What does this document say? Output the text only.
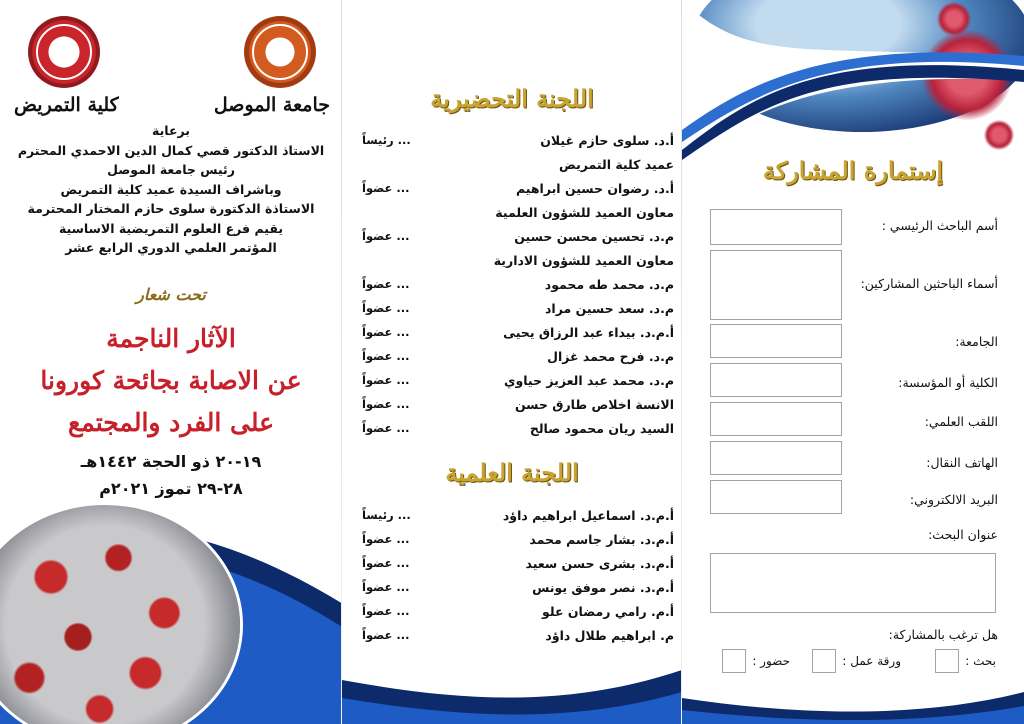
جامعة الموصل
كلية التمريض
برعاية
الاستاذ الدكتور قصي كمال الدين الاحمدي المحترم
رئيس جامعة الموصل
وباشراف السيدة عميد كلية التمريض
الاستاذة الدكتورة سلوى حازم المختار المحترمة
يقيم فرع العلوم التمريضية الاساسية
المؤتمر العلمي الدوري الرابع عشر
تحت شعار
الآثار الناجمة
عن الاصابة بجائحة كورونا
على الفرد والمجتمع
١٩-٢٠ ذو الحجة ١٤٤٢هـ
٢٨-٢٩ تموز ٢٠٢١م
اللجنة التحضيرية
أ.د. سلوى حازم غيلان
... رئيساً
عميد كلية التمريض
أ.د. رضوان حسين ابراهيم
... عضواً
معاون العميد للشؤون العلمية
م.د. تحسين محسن حسين
... عضواً
معاون العميد للشؤون الادارية
م.د. محمد طه محمود
... عضواً
م.د. سعد حسين مراد
... عضواً
أ.م.د. بيداء عبد الرزاق يحيى
... عضواً
م.د. فرح محمد غزال
... عضواً
م.د. محمد عبد العزيز حياوي
... عضواً
الانسة اخلاص طارق حسن
... عضواً
السيد ريان محمود صالح
... عضواً
اللجنة العلمية
أ.م.د. اسماعيل ابراهيم داؤد
... رئيساً
أ.م.د. بشار جاسم محمد
... عضواً
أ.م.د. بشرى حسن سعيد
... عضواً
أ.م.د. نصر موفق يونس
... عضواً
أ.م. رامي رمضان علو
... عضواً
م. ابراهيم طلال داؤد
... عضواً
إستمارة المشاركة
أسم الباحث الرئيسي :
أسماء الباحثين المشاركين:
الجامعة:
الكلية أو المؤسسة:
اللقب العلمي:
الهاتف النقال:
البريد الالكتروني:
عنوان البحث:
هل ترغب بالمشاركة:
بحث :
ورقة عمل :
حضور :
